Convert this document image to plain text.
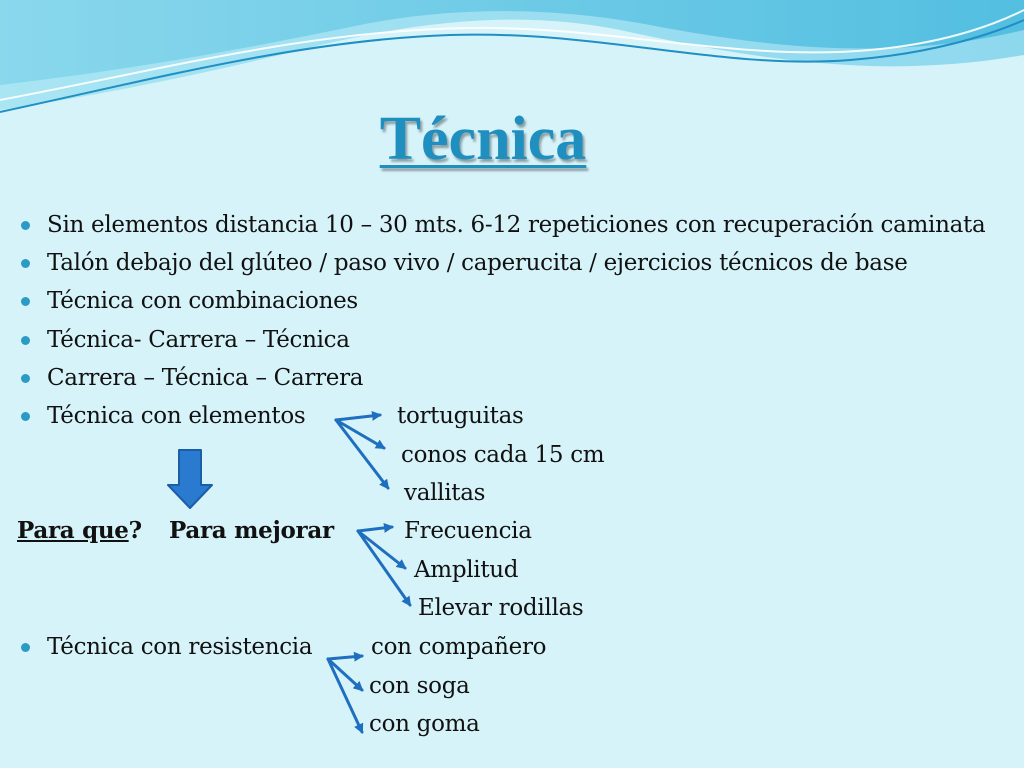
Técnica
Sin elementos distancia 10 – 30 mts. 6-12 repeticiones con recuperación caminata
Talón debajo del glúteo / paso vivo / caperucita / ejercicios técnicos de base
Técnica con combinaciones
Técnica- Carrera – Técnica
Carrera – Técnica – Carrera
Técnica con elementos	tortuguitas
conos cada 15 cm
vallitas
Para que? Para mejorar	Frecuencia
Amplitud
Elevar rodillas
Técnica con resistencia	con compañero
con soga
con goma
